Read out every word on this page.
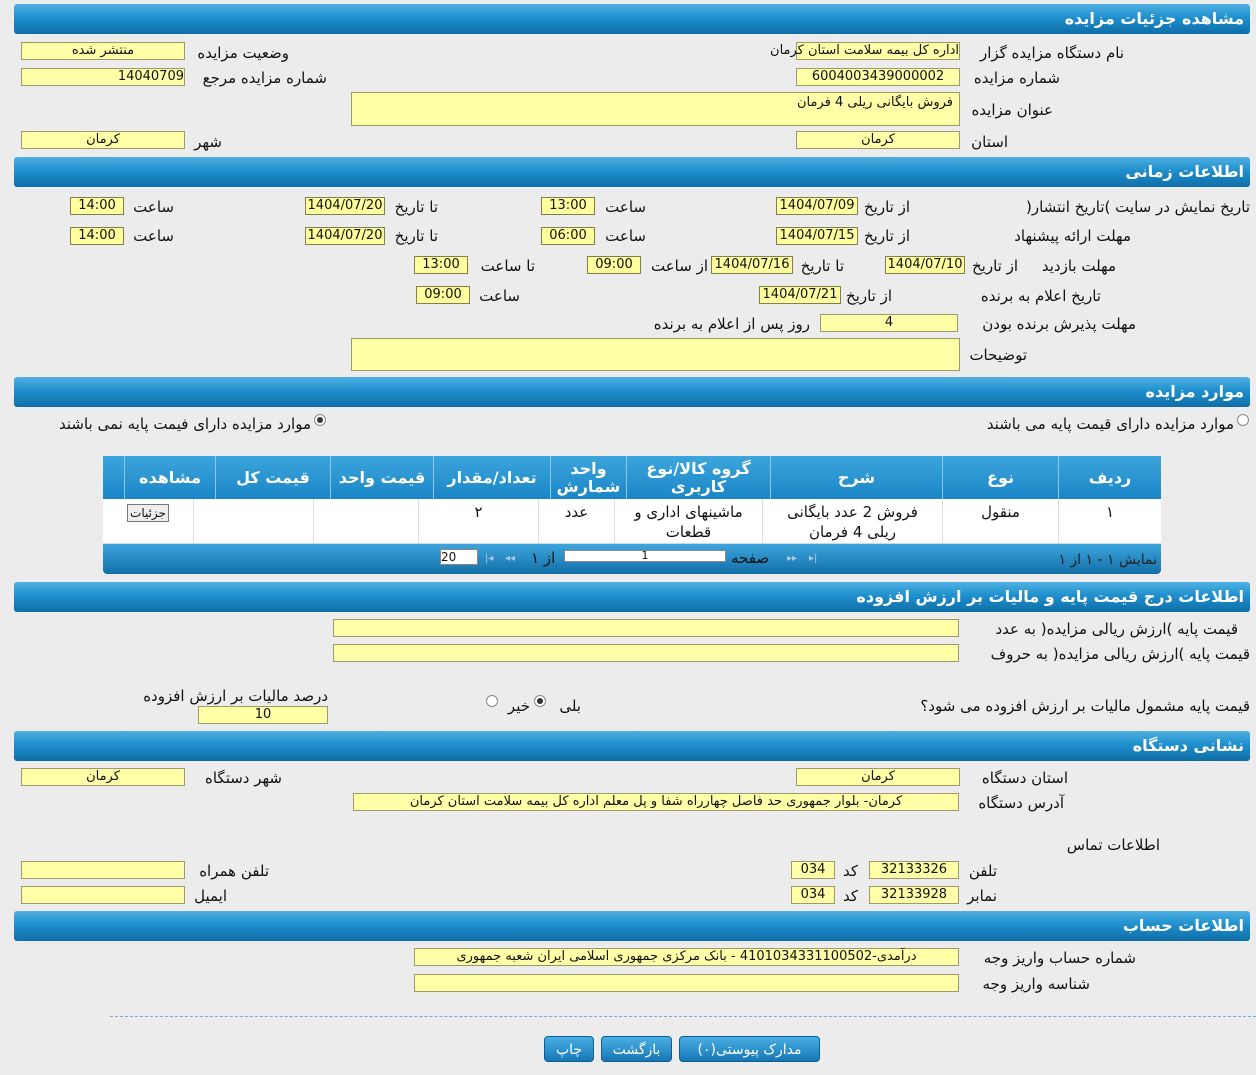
مشاهده جزئیات مزایده
نام دستگاه مزایده گزار
اداره کل بیمه سلامت استان کرمان
وضعیت مزایده
منتشر شده
شماره مزایده
6004003439000002
شماره مزایده مرجع
14040709
عنوان مزایده
فروش بایگانی ریلی 4 فرمان
استان
کرمان
شهر
کرمان
اطلاعات زمانی
تاریخ نمایش در سایت )تاریخ انتشار(
از تاریخ
1404/07/09
ساعت
13:00
تا تاریخ
1404/07/20
ساعت
14:00
مهلت ارائه پیشنهاد
از تاریخ
1404/07/15
ساعت
06:00
تا تاریخ
1404/07/20
ساعت
14:00
مهلت بازدید
از تاریخ
1404/07/10
تا تاریخ
1404/07/16
از ساعت
09:00
تا ساعت
13:00
تاریخ اعلام به برنده
از تاریخ
1404/07/21
ساعت
09:00
مهلت پذیرش برنده بودن
4
روز پس از اعلام به برنده
توضیحات
موارد مزایده
موارد مزایده دارای قیمت پایه می باشند
موارد مزایده دارای فیمت پایه نمی باشند
ردیف
نوع
شرح
گروه کالا/نوع کاربری
واحد شمارش
تعداد/مقدار
قیمت واحد
قیمت کل
مشاهده
۱
منقول
فروش 2 عدد بایگانی ریلی 4 فرمان
ماشینهای اداری و قطعات
عدد
۲
جزئیات
نمایش ۱ - ۱ از ۱
▸▸ ▸|
صفحه
1
از ۱
◂◂
|◂
20
اطلاعات درج قیمت پایه و مالیات بر ارزش افزوده
قیمت پایه )ارزش ریالی مزایده( به عدد
قیمت پایه )ارزش ریالی مزایده( به حروف
قیمت پایه مشمول مالیات بر ارزش افزوده می شود؟
بلی
خیر
درصد مالیات بر ارزش افزوده
10
نشانی دستگاه
استان دستگاه
کرمان
شهر دستگاه
کرمان
آدرس دستگاه
کرمان- بلوار جمهوری حد فاصل چهارراه شفا و پل معلم اداره کل بیمه سلامت استان کرمان
اطلاعات تماس
تلفن
32133326
کد
034
تلفن همراه
نمابر
32133928
کد
034
ایمیل
اطلاعات حساب
شماره حساب واریز وجه
درآمدی-4101034331100502 - بانک مرکزی جمهوری اسلامی ایران شعبه جمهوری
شناسه واریز وجه
مدارک پیوستی(۰)
بازگشت
چاپ
